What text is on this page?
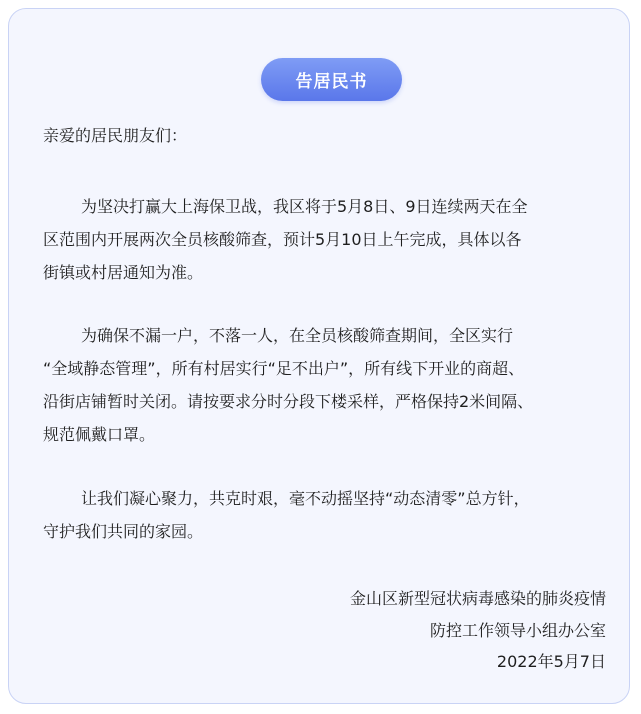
告居民书
亲爱的居民朋友们：
为坚决打赢大上海保卫战，我区将于5月8日、9日连续两天在全
区范围内开展两次全员核酸筛查，预计5月10日上午完成，具体以各
街镇或村居通知为准。
为确保不漏一户，不落一人，在全员核酸筛查期间，全区实行
“全域静态管理”，所有村居实行“足不出户”，所有线下开业的商超、
沿街店铺暂时关闭。请按要求分时分段下楼采样，严格保持2米间隔、
规范佩戴口罩。
让我们凝心聚力，共克时艰，毫不动摇坚持“动态清零”总方针，
守护我们共同的家园。
金山区新型冠状病毒感染的肺炎疫情
防控工作领导小组办公室
2022年5月7日
